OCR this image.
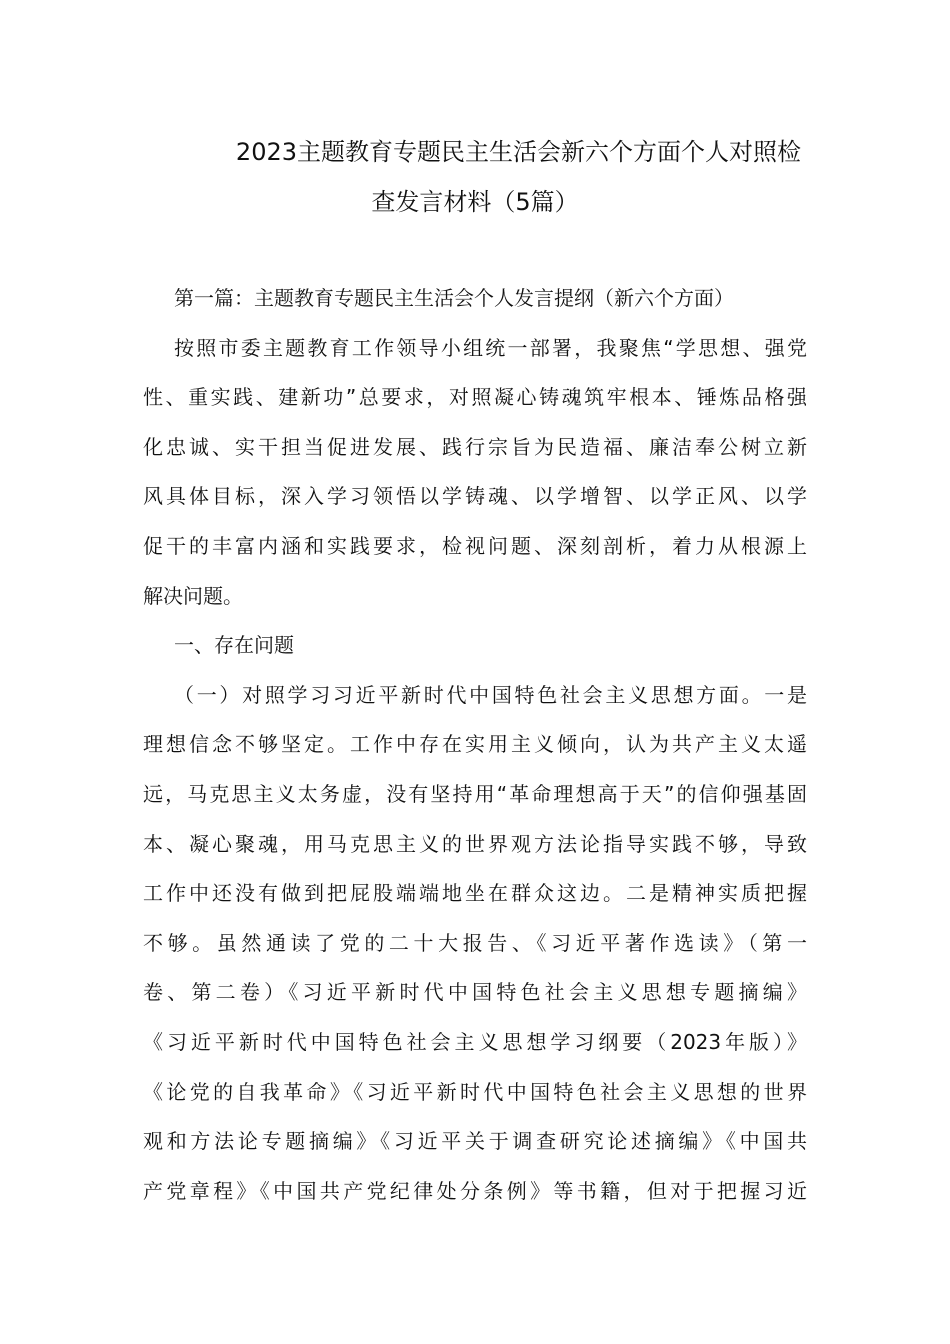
2023主题教育专题民主生活会新六个方面个人对照检
查发言材料（5篇）
第一篇：主题教育专题民主生活会个人发言提纲（新六个方面）
按照市委主题教育工作领导小组统一部署，我聚焦“学思想、强党
性、重实践、建新功”总要求，对照凝心铸魂筑牢根本、锤炼品格强
化忠诚、实干担当促进发展、践行宗旨为民造福、廉洁奉公树立新
风具体目标，深入学习领悟以学铸魂、以学增智、以学正风、以学
促干的丰富内涵和实践要求，检视问题、深刻剖析，着力从根源上
解决问题。
一、存在问题
（一）对照学习习近平新时代中国特色社会主义思想方面。一是
理想信念不够坚定。工作中存在实用主义倾向，认为共产主义太遥
远，马克思主义太务虚，没有坚持用“革命理想高于天”的信仰强基固
本、凝心聚魂，用马克思主义的世界观方法论指导实践不够，导致
工作中还没有做到把屁股端端地坐在群众这边。二是精神实质把握
不够。虽然通读了党的二十大报告、《习近平著作选读》（第一
卷、第二卷）《习近平新时代中国特色社会主义思想专题摘编》
《习近平新时代中国特色社会主义思想学习纲要（2023年版）》
《论党的自我革命》《习近平新时代中国特色社会主义思想的世界
观和方法论专题摘编》《习近平关于调查研究论述摘编》《中国共
产党章程》《中国共产党纪律处分条例》等书籍，但对于把握习近
